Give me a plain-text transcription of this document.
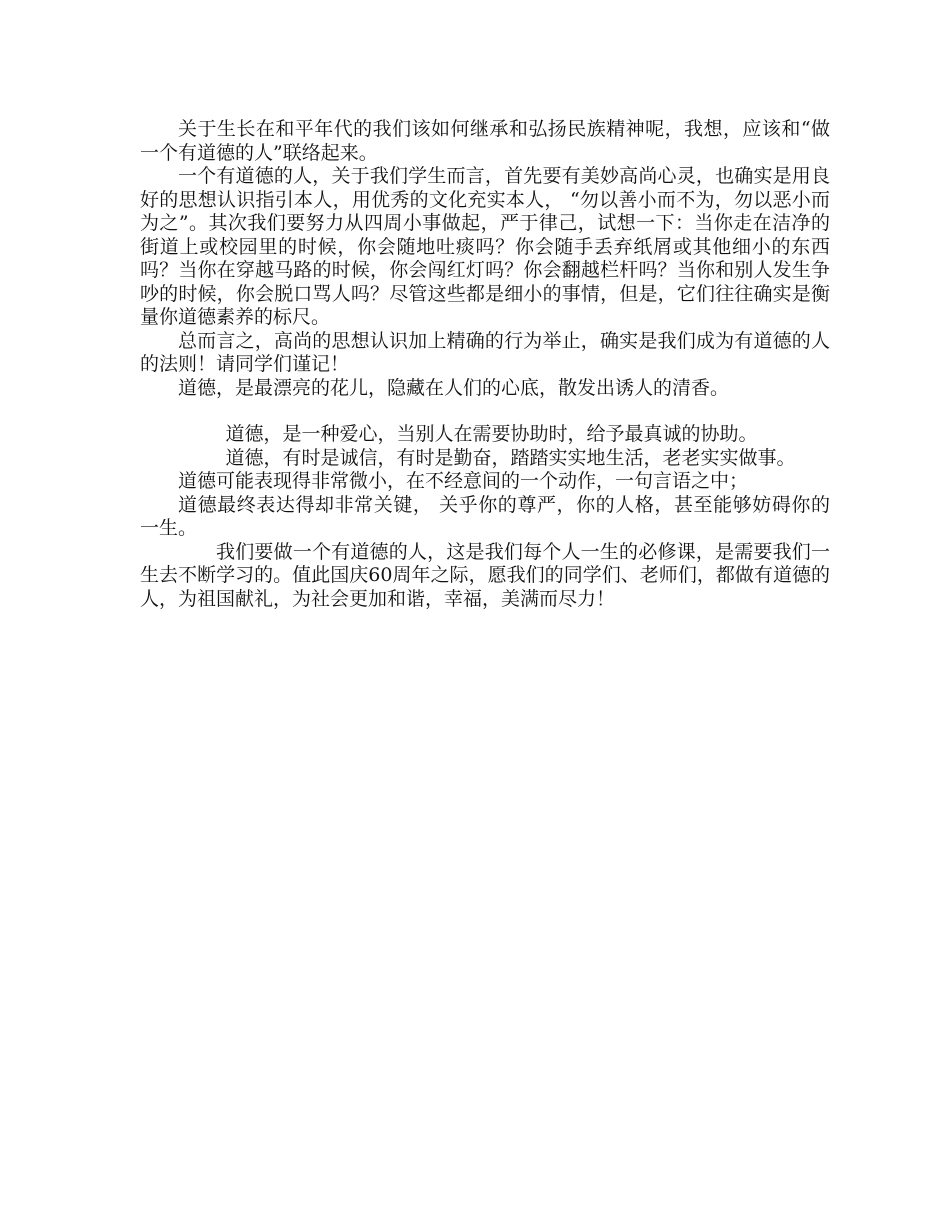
关于生长在和平年代的我们该如何继承和弘扬民族精神呢，我想，应该和“做一个有道德的人”联络起来。

一个有道德的人，关于我们学生而言，首先要有美妙高尚心灵，也确实是用良好的思想认识指引本人，用优秀的文化充实本人， “勿以善小而不为，勿以恶小而为之”。其次我们要努力从四周小事做起，严于律己，试想一下：当你走在洁净的街道上或校园里的时候，你会随地吐痰吗？你会随手丢弃纸屑或其他细小的东西吗？当你在穿越马路的时候，你会闯红灯吗？你会翻越栏杆吗？当你和别人发生争吵的时候，你会脱口骂人吗？尽管这些都是细小的事情，但是，它们往往确实是衡量你道德素养的标尺。

总而言之，高尚的思想认识加上精确的行为举止，确实是我们成为有道德的人的法则！请同学们谨记！

道德，是最漂亮的花儿，隐藏在人们的心底，散发出诱人的清香。

道德，是一种爱心，当别人在需要协助时，给予最真诚的协助。

道德，有时是诚信，有时是勤奋，踏踏实实地生活，老老实实做事。

道德可能表现得非常微小，在不经意间的一个动作，一句言语之中；

道德最终表达得却非常关键， 关乎你的尊严，你的人格，甚至能够妨碍你的一生。

我们要做一个有道德的人，这是我们每个人一生的必修课，是需要我们一生去不断学习的。值此国庆60周年之际，愿我们的同学们、老师们，都做有道德的人，为祖国献礼，为社会更加和谐，幸福，美满而尽力！
